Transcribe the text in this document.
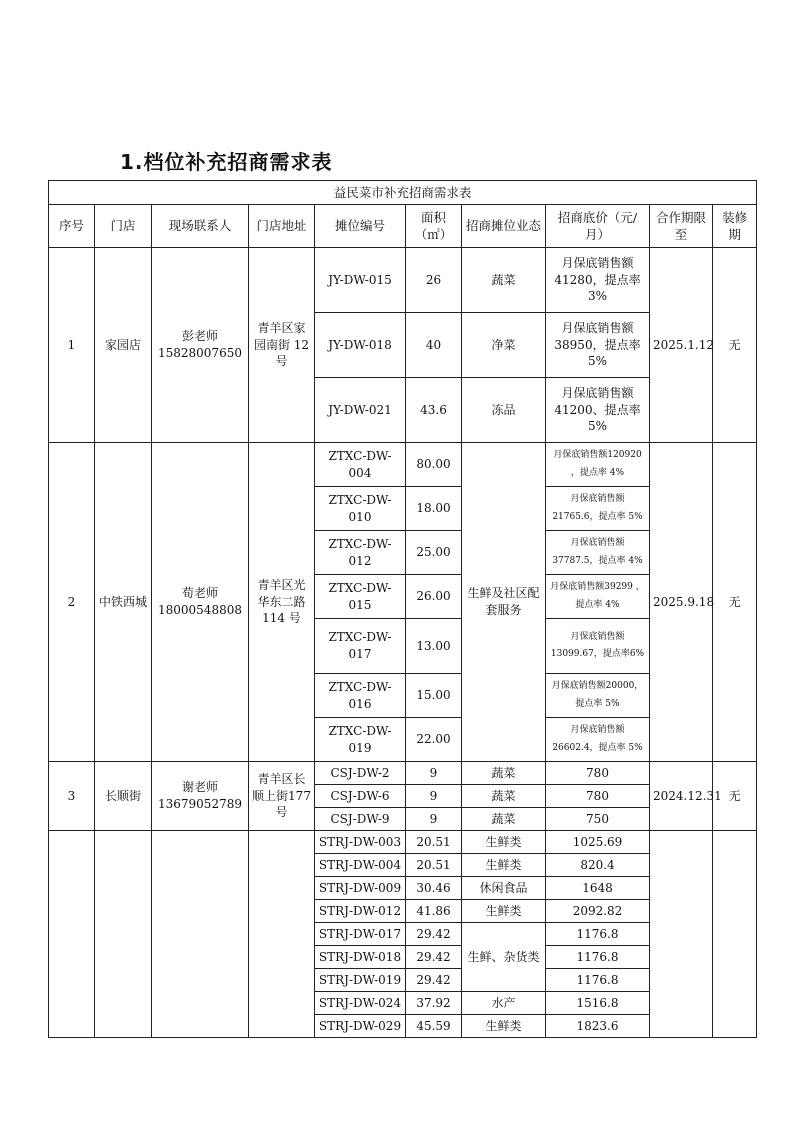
1.档位补充招商需求表
益民菜市补充招商需求表									
序号	门店	现场联系人	门店地址	摊位编号	面积（㎡）	招商摊位业态	招商底价（元/月）	合作期限至	装修期
1	家园店	彭老师15828007650	青羊区家园南街 12 号	JY-DW-015	26	蔬菜	月保底销售额41280，提点率3%	2025.1.12	无
				JY-DW-018	40	净菜	月保底销售额38950，提点率5%		
				JY-DW-021	43.6	冻品	月保底销售额41200、提点率5%		
2	中铁西城	荀老师18000548808	青羊区光华东二路 114 号	ZTXC-DW-004	80.00	生鲜及社区配套服务	月保底销售额120920 ，提点率 4%	2025.9.18	无
				ZTXC-DW-010	18.00		月保底销售额21765.6，提点率 5%		
				ZTXC-DW-012	25.00		月保底销售额37787.5，提点率 4%		
				ZTXC-DW-015	26.00		月保底销售额39299 ，提点率 4%		
				ZTXC-DW-017	13.00		月保底销售额13099.67，提点率6%		
				ZTXC-DW-016	15.00		月保底销售额20000，提点率 5%		
				ZTXC-DW-019	22.00		月保底销售额26602.4，提点率 5%		
3	长顺街	谢老师13679052789	青羊区长顺上街177 号	CSJ-DW-2	9	蔬菜	780	2024.12.31	无
				CSJ-DW-6	9	蔬菜	780		
				CSJ-DW-9	9	蔬菜	750		
				STRJ-DW-003	20.51	生鲜类	1025.69		
				STRJ-DW-004	20.51	生鲜类	820.4		
				STRJ-DW-009	30.46	休闲食品	1648		
				STRJ-DW-012	41.86	生鲜类	2092.82		
				STRJ-DW-017	29.42	生鲜、杂货类	1176.8		
				STRJ-DW-018	29.42		1176.8		
				STRJ-DW-019	29.42		1176.8		
				STRJ-DW-024	37.92	水产	1516.8		
				STRJ-DW-029	45.59	生鲜类	1823.6		
